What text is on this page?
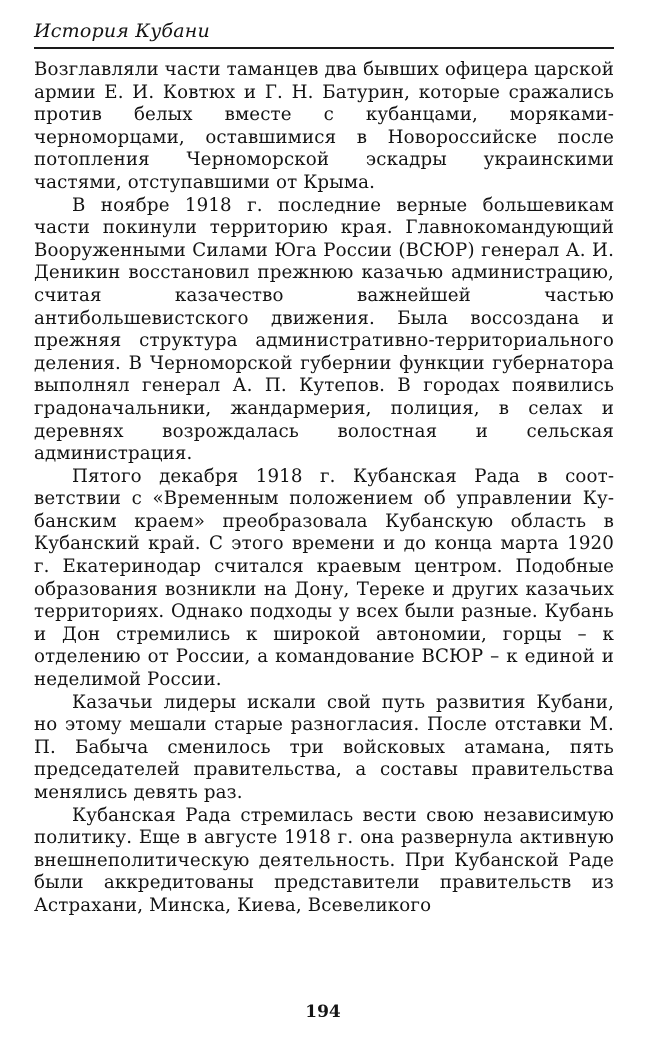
История Кубани

Возглавляли части таманцев два бывших офицера царской армии Е. И. Ковтюх и Г. Н. Батурин, которые сражались против белых вместе с кубанцами, моряками-черноморцами, оставшимися в Новороссийске после потопления Черноморской эскадры украинскими частями, отступавшими от Крыма.

В ноябре 1918 г. последние верные большевикам части покинули территорию края. Главнокомандующий Вооруженными Силами Юга России (ВСЮР) генерал А. И. Деникин восстановил прежнюю казачью администрацию, считая казачество важнейшей частью антибольшевистского движения. Была воссоздана и прежняя структура административно-территориального деления. В Черноморской губернии функции губернатора выполнял генерал А. П. Кутепов. В городах появились градоначальники, жандармерия, полиция, в селах и деревнях возрождалась волостная и сельская администрация.

Пятого декабря 1918 г. Кубанская Рада в соответствии с «Временным положением об управлении Кубанским краем» преобразовала Кубанскую область в Кубанский край. С этого времени и до конца марта 1920 г. Екатеринодар считался краевым центром. Подобные образования возникли на Дону, Тереке и других казачьих территориях. Однако подходы у всех были разные. Кубань и Дон стремились к широкой автономии, горцы – к отделению от России, а командование ВСЮР – к единой и неделимой России.

Казачьи лидеры искали свой путь развития Кубани, но этому мешали старые разногласия. После отставки М. П. Бабыча сменилось три войсковых атамана, пять председателей правительства, а составы правительства менялись девять раз.

Кубанская Рада стремилась вести свою независимую политику. Еще в августе 1918 г. она развернула активную внешнеполитическую деятельность. При Кубанской Раде были аккредитованы представители правительств из Астрахани, Минска, Киева, Всевеликого

194
